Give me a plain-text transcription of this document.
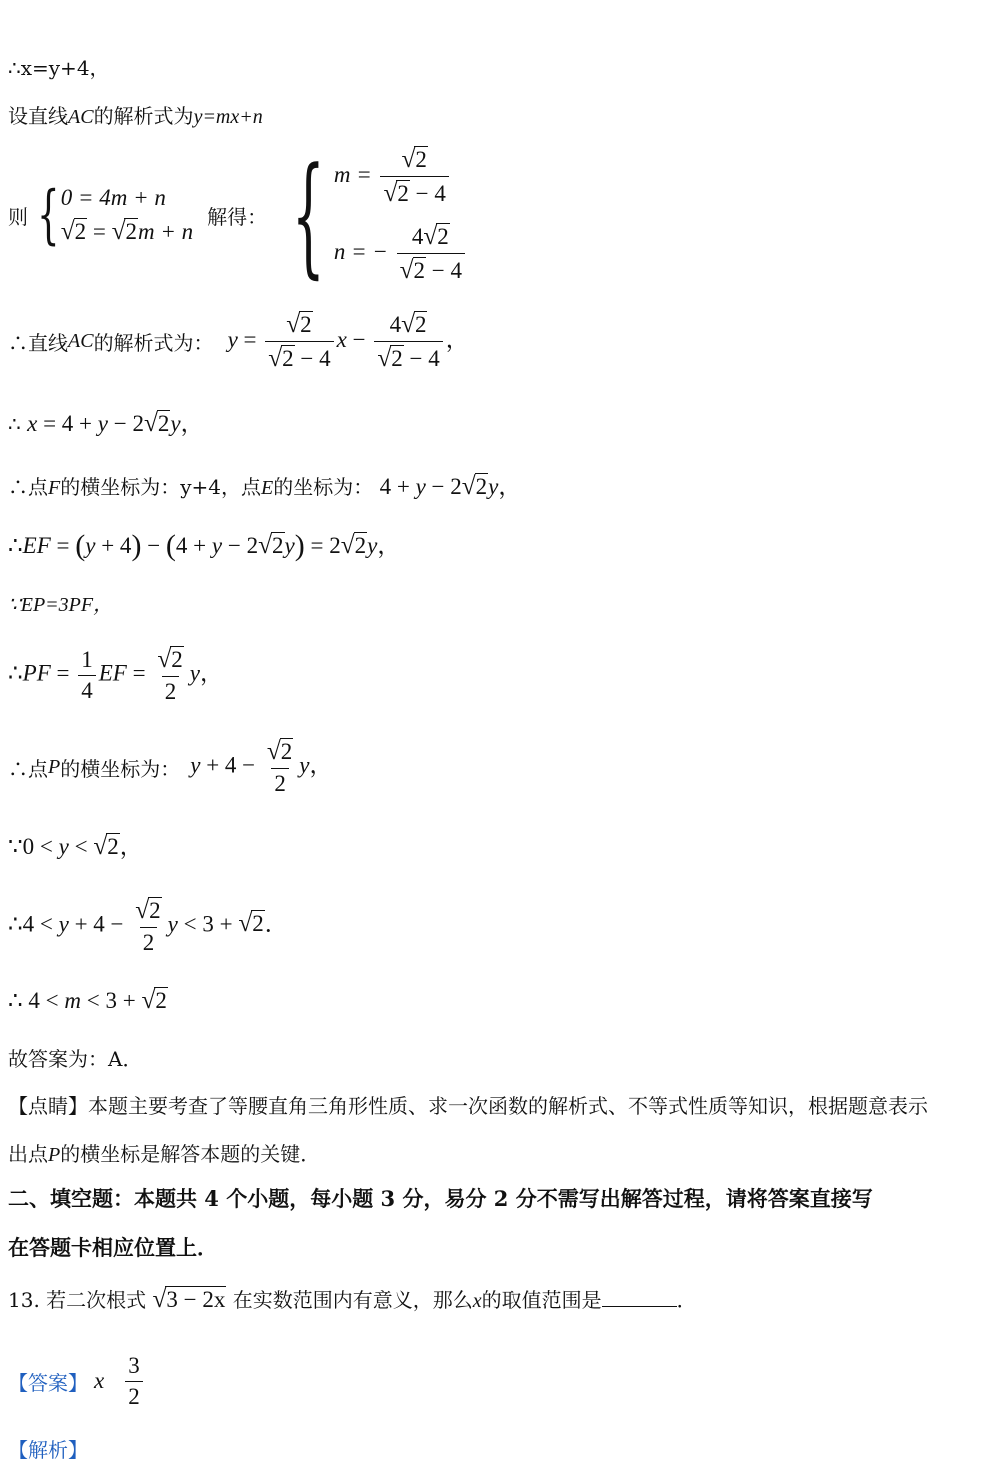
∴x=y+4，
设直线AC的解析式为y=mx+n
则 { 0 = 4m + n
√2 = √2m + n
解得： { $m = \frac{√2}{√2 - 4}$
n = − $\frac{4√2}{√2 - 4}$
∴直线 AC 的解析式为： $y = \frac{√2}{√2 - 4}$ $x - \frac{4√2}{√2 - 4}$ ，
∴ x = 4 + y − 2√2y，
∴点F的横坐标为：y+4，点E的坐标为： 4 + y − 2√2y，
∴EF = (y + 4) − (4 + y − 2√2y) = 2√2y，
∵EP=3PF，
∴PF = $\frac{1}{4}$ EF = $\frac{√2}{2}$ y，
∴点 P 的横坐标为： $y + 4 - \frac{√2}{2}$ y，
∵0 < y < √2，
∴4 < $y + 4 - \frac{√2}{2}$ y < 3 + √2．
∴ 4 < m < 3 + √2
故答案为：A．
【点睛】本题主要考查了等腰直角三角形性质、求一次函数的解析式、不等式性质等知识，根据题意表示
出点P的横坐标是解答本题的关键．
二、填空题：本题共 4 个小题，每小题 3 分，易分 2 分不需写出解答过程，请将答案直接写
在答题卡相应位置上．
13. 若二次根式 √3 − 2x 在实数范围内有意义，那么x的取值范围是	．
【答案】 x $\frac{3}{2}$
【解析】
